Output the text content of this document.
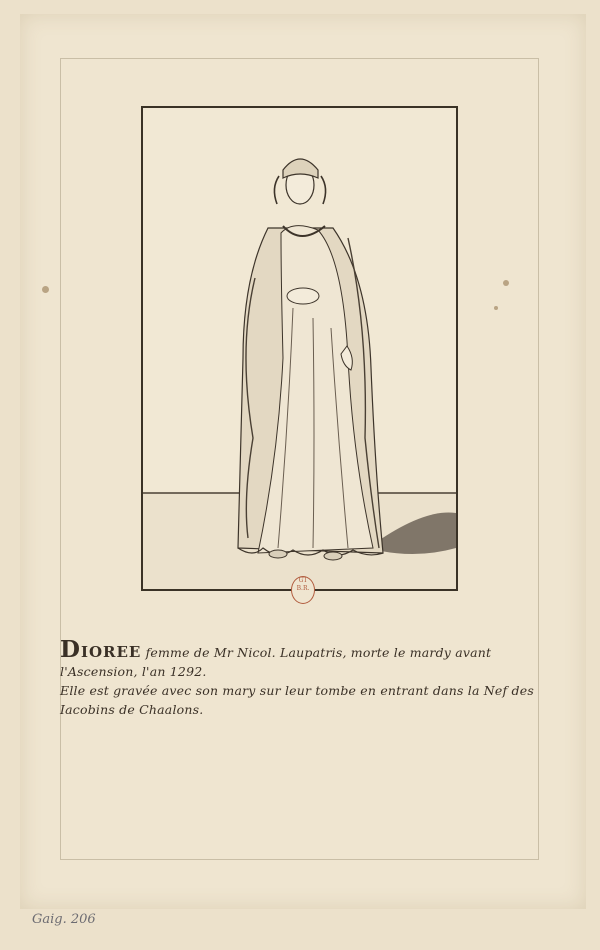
GT
B.R.
DIOREE femme de Mr Nicol. Laupatris, morte le mardy avant
l'Ascension, l'an 1292.
Elle est gravée avec son mary sur leur tombe en entrant dans la Nef des
Iacobins de Chaalons.
Gaig. 206
